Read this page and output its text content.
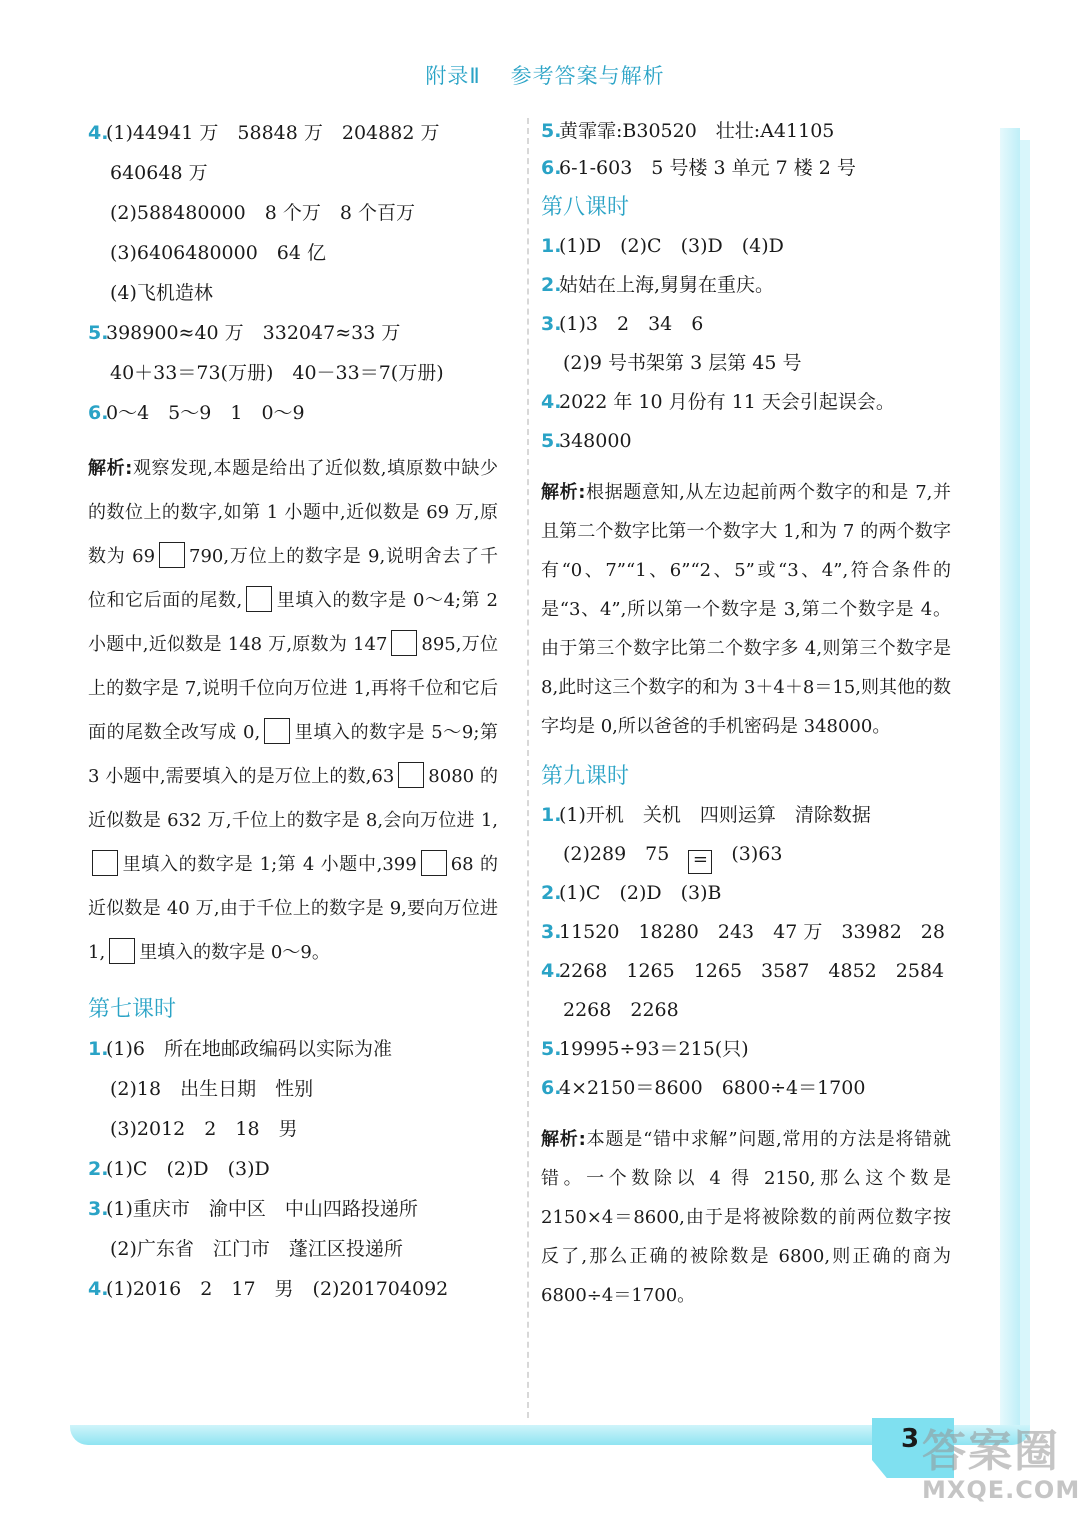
3 答案圈
MXQE.COM
附录Ⅱ 参考答案与解析
4.(1)44941 万　58848 万　204882 万
640648 万
(2)588480000　8 个万　8 个百万
(3)6406480000　64 亿
(4)飞机造林
5.398900≈40 万　332047≈33 万
40＋33＝73(万册)　40－33＝7(万册)
6.0～4　5～9　1　0～9
解析:观察发现,本题是给出了近似数,填原数中缺少的数位上的数字,如第 1 小题中,近似数是 69 万,原数为 69 790,万位上的数字是 9,说明舍去了千位和它后面的尾数, 里填入的数字是 0～4;第 2 小题中,近似数是 148 万,原数为 147 895,万位上的数字是 7,说明千位向万位进 1,再将千位和它后面的尾数全改写成 0, 里填入的数字是 5～9;第 3 小题中,需要填入的是万位上的数,63 8080 的近似数是 632 万,千位上的数字是 8,会向万位进 1,里填入的数字是 1;第 4 小题中,399 68 的近似数是 40 万,由于千位上的数字是 9,要向万位进 1, 里填入的数字是 0～9。
第七课时
1.(1)6　所在地邮政编码以实际为准
(2)18　出生日期　性别
(3)2012　2　18　男
2.(1)C　(2)D　(3)D
3.(1)重庆市　渝中区　中山四路投递所
(2)广东省　江门市　蓬江区投递所
4.(1)2016　2　17　男　(2)201704092
5.黄霏霏:B30520　壮壮:A41105
6.6-1-603　5 号楼 3 单元 7 楼 2 号
第八课时
1.(1)D　(2)C　(3)D　(4)D
2.姑姑在上海,舅舅在重庆。
3.(1)3　2　34　6
(2)9 号书架第 3 层第 45 号
4.2022 年 10 月份有 11 天会引起误会。
5.348000
解析:根据题意知,从左边起前两个数字的和是 7,并且第二个数字比第一个数字大 1,和为 7 的两个数字有“0、7”“1、6”“2、5”或“3、4”,符合条件的是“3、4”,所以第一个数字是 3,第二个数字是 4。由于第三个数字比第二个数字多 4,则第三个数字是 8,此时这三个数字的和为 3＋4＋8＝15,则其他的数字均是 0,所以爸爸的手机密码是 348000。
第九课时
1.(1)开机　关机　四则运算　清除数据
(2)289　75　 =　 (3)63
2.(1)C　(2)D　(3)B
3.11520　18280　243　47 万　33982　28
4.2268　1265　1265　3587　4852　2584
2268　2268
5.19995÷93＝215(只)
6.4×2150＝8600　6800÷4＝1700
解析:本题是“错中求解”问题,常用的方法是将错就错。一个数除以 4 得 2150,那么这个数是 2150×4＝8600,由于是将被除数的前两位数字按反了,那么正确的被除数是 6800,则正确的商为 6800÷4＝1700。
